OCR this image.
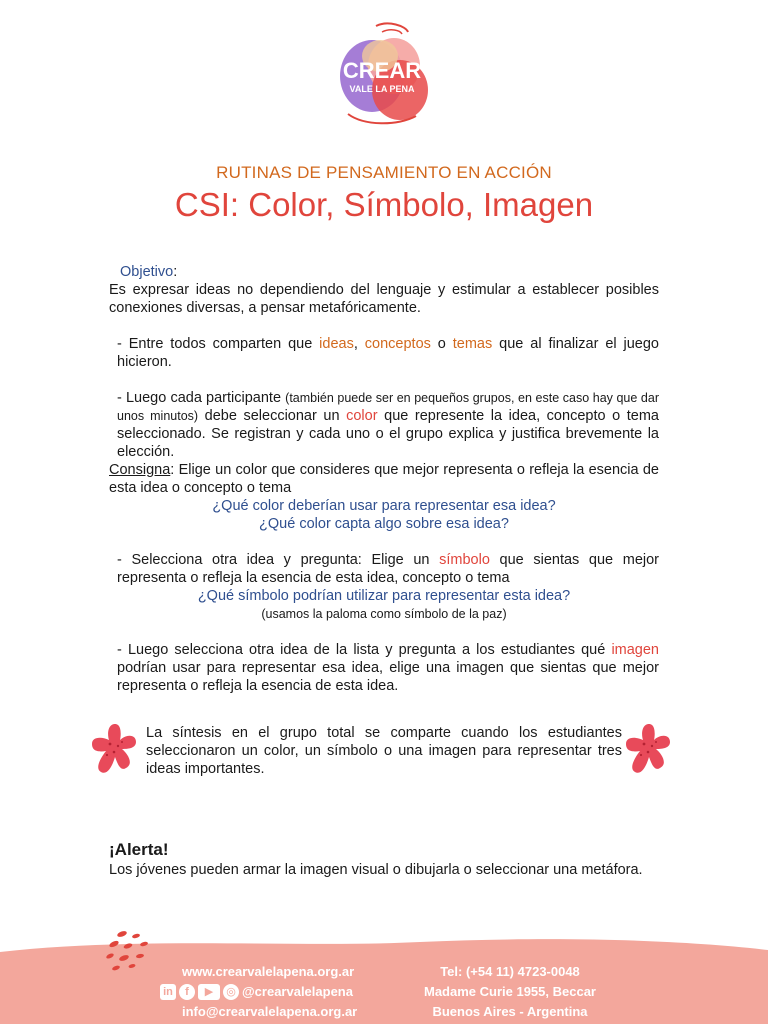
CREAR
VALE LA PENA
RUTINAS DE PENSAMIENTO EN ACCIÓN
CSI: Color, Símbolo, Imagen

Objetivo:

Es expresar ideas no dependiendo del lenguaje y estimular a establecer posibles conexiones diversas, a pensar metafóricamente.

- Entre todos comparten que ideas, conceptos o temas que al finalizar el juego hicieron.

- Luego cada participante (también puede ser en pequeños grupos, en este caso hay que dar unos minutos) debe seleccionar un color que represente la idea, concepto o tema seleccionado. Se registran y cada uno o el grupo explica y justifica brevemente la elección.

Consigna: Elige un color que consideres que mejor representa o refleja la esencia de esta idea o concepto o tema

¿Qué color deberían usar para representar esa idea?

¿Qué color capta algo sobre esa idea?

- Selecciona otra idea y pregunta: Elige un símbolo que sientas que mejor representa o refleja la esencia de esta idea, concepto o tema

¿Qué símbolo podrían utilizar para representar esta idea?

(usamos la paloma como símbolo de la paz)

- Luego selecciona otra idea de la lista y pregunta a los estudiantes qué imagen podrían usar para representar esa idea, elige una imagen que sientas que mejor representa o refleja la esencia de esta idea.

La síntesis en el grupo total se comparte cuando los estudiantes seleccionaron un color, un símbolo o una imagen para representar tres ideas importantes.
¡Alerta!
Los jóvenes pueden armar la imagen visual o dibujarla o seleccionar una metáfora.
www.crearvalelapena.org.ar
in	f	▶	◎ @crearvalelapena
info@crearvalelapena.org.ar
Tel: (+54 11) 4723-0048
Madame Curie 1955, Beccar
Buenos Aires - Argentina
